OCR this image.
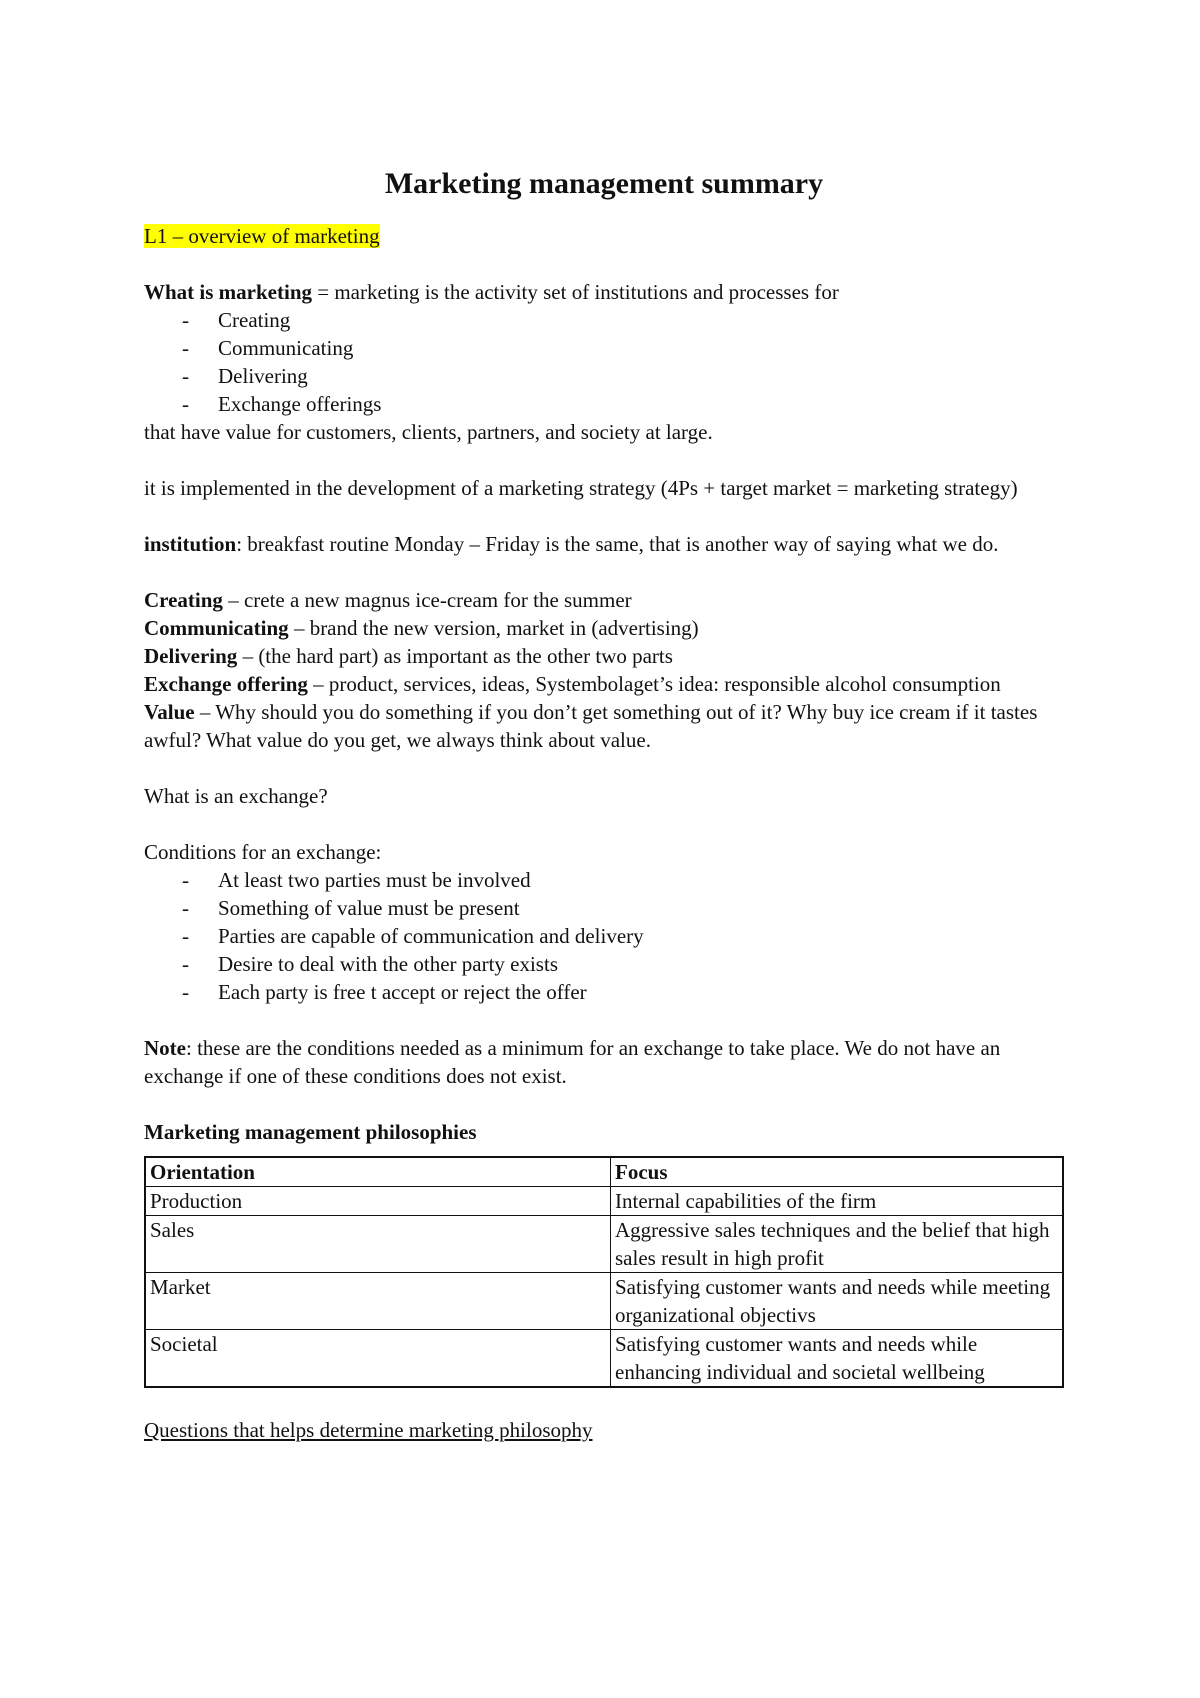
Marketing management summary

L1 – overview of marketing

What is marketing = marketing is the activity set of institutions and processes for

- Creating
- Communicating
- Delivering
- Exchange offerings

that have value for customers, clients, partners, and society at large.

it is implemented in the development of a marketing strategy (4Ps + target market = marketing strategy)

institution: breakfast routine Monday – Friday is the same, that is another way of saying what we do.

Creating – crete a new magnus ice-cream for the summer

Communicating – brand the new version, market in (advertising)

Delivering – (the hard part) as important as the other two parts

Exchange offering – product, services, ideas, Systembolaget’s idea: responsible alcohol consumption

Value – Why should you do something if you don’t get something out of it? Why buy ice cream if it tastes awful? What value do you get, we always think about value.

What is an exchange?

Conditions for an exchange:

- At least two parties must be involved
- Something of value must be present
- Parties are capable of communication and delivery
- Desire to deal with the other party exists
- Each party is free t accept or reject the offer

Note: these are the conditions needed as a minimum for an exchange to take place. We do not have an exchange if one of these conditions does not exist.

Marketing management philosophies

Orientation	Focus
Production	Internal capabilities of the firm
Sales	Aggressive sales techniques and the belief that high sales result in high profit
Market	Satisfying customer wants and needs while meeting organizational objectivs
Societal	Satisfying customer wants and needs while enhancing individual and societal wellbeing

Questions that helps determine marketing philosophy
